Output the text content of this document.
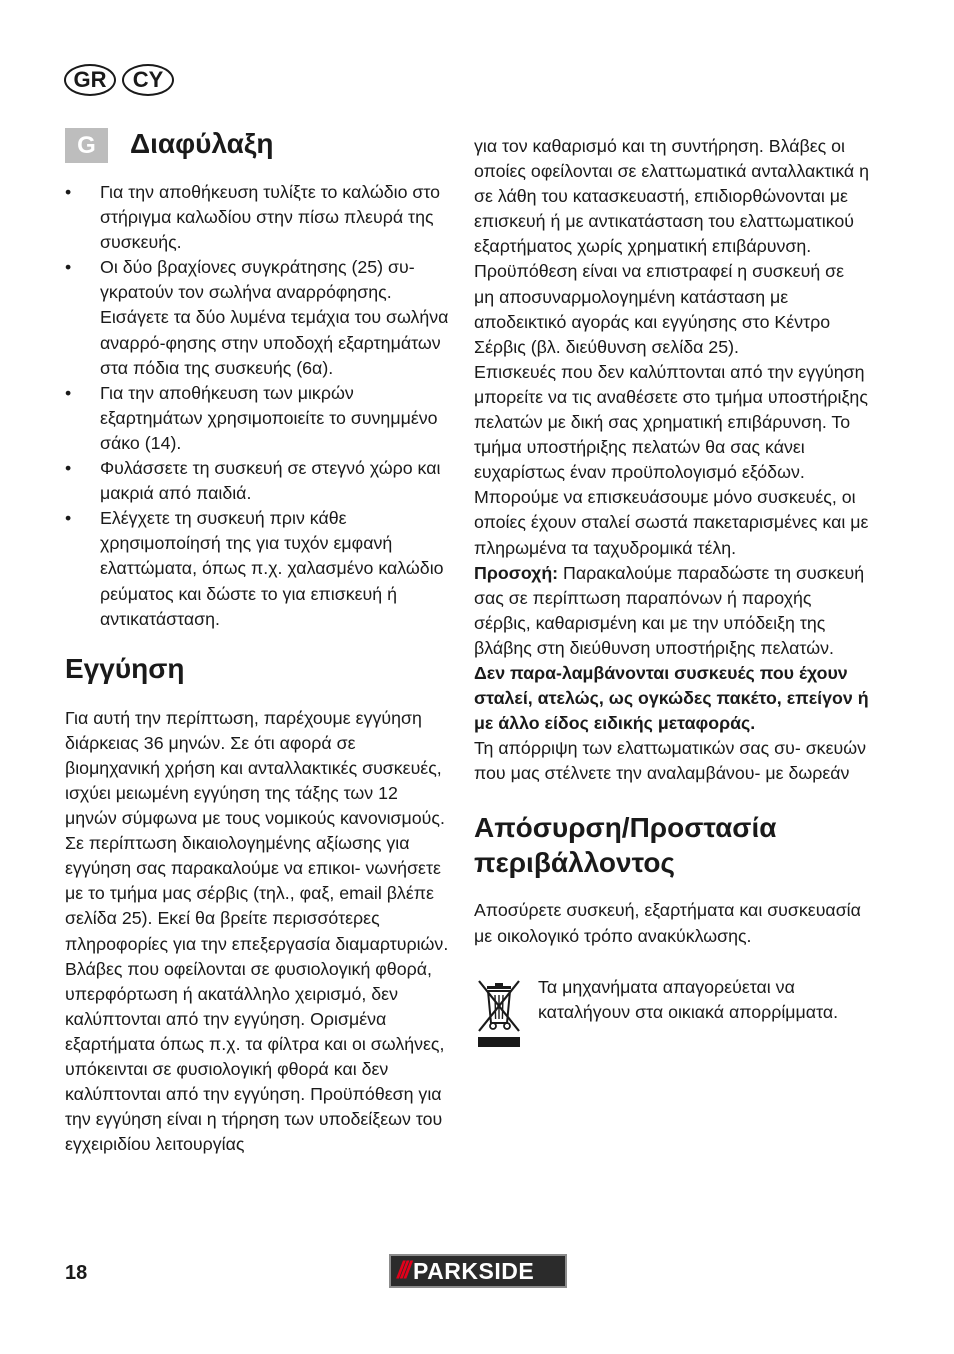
GR	CY
G	Διαφύλαξη
• Για την αποθήκευση τυλίξτε το καλώδιο στο στήριγμα καλωδίου στην πίσω πλευρά της συσκευής.
• Οι δύο βραχίονες συγκράτησης (25) συ- γκρατούν τον σωλήνα αναρρόφησης. Εισάγετε τα δύο λυμένα τεμάχια του σωλήνα αναρρό-φησης στην υποδοχή εξαρτημάτων στα πόδια της συσκευής (6α).
• Για την αποθήκευση των μικρών εξαρτημάτων χρησιμοποιείτε το συνημμένο σάκο (14).
• Φυλάσσετε τη συσκευή σε στεγνό χώρο και μακριά από παιδιά.
• Ελέγχετε τη συσκευή πριν κάθε χρησιμοποίησή της για τυχόν εμφανή ελαττώματα, όπως π.χ. χαλασμένο καλώδιο ρεύματος και δώστε το για επισκευή ή αντικατάσταση.
Εγγύηση

Για αυτή την περίπτωση, παρέχουμε εγγύηση διάρκειας 36 μηνών. Σε ότι αφορά σε βιομηχανική χρήση και ανταλλακτικές συσκευές, ισχύει μειωμένη εγγύηση της τάξης των 12 μηνών σύμφωνα με τους νομικούς κανονισμούς.

Σε περίπτωση δικαιολογημένης αξίωσης για εγγύηση σας παρακαλούμε να επικοι- νωνήσετε με το τμήμα μας σέρβις (τηλ., φαξ, email βλέπε σελίδα 25). Εκεί θα βρείτε περισσότερες πληροφορίες για την επεξεργασία διαμαρτυριών.

Βλάβες που οφείλονται σε φυσιολογική φθορά, υπερφόρτωση ή ακατάλληλο χειρισμό, δεν καλύπτονται από την εγγύηση. Ορισμένα εξαρτήματα όπως π.χ. τα φίλτρα και οι σωλήνες, υπόκεινται σε φυσιολογική φθορά και δεν καλύπτονται από την εγγύηση. Προϋπόθεση για την εγγύηση είναι η τήρηση των υποδείξεων του εγχειριδίου λειτουργίας

για τον καθαρισμό και τη συντήρηση. Βλάβες οι οποίες οφείλονται σε ελαττωματικά ανταλλακτικά η σε λάθη του κατασκευαστή, επιδιορθώνονται με επισκευή ή με αντικατάσταση του ελαττωματικού εξαρτήματος χωρίς χρηματική επιβάρυνση. Προϋπόθεση είναι να επιστραφεί η συσκευή σε μη αποσυναρμολογημένη κατάσταση με αποδεικτικό αγοράς και εγγύησης στο Κέντρο Σέρβις (βλ. διεύθυνση σελίδα 25).

Επισκευές που δεν καλύπτονται από την εγγύηση μπορείτε να τις αναθέσετε στο τμήμα υποστήριξης πελατών με δική σας χρηματική επιβάρυνση. Το τμήμα υποστήριξης πελατών θα σας κάνει ευχαρίστως έναν προϋπολογισμό εξόδων.

Μπορούμε να επισκευάσουμε μόνο συσκευές, οι οποίες έχουν σταλεί σωστά πακεταρισμένες και με πληρωμένα τα ταχυδρομικά τέλη.

Προσοχή: Παρακαλούμε παραδώστε τη συσκευή σας σε περίπτωση παραπόνων ή παροχής σέρβις, καθαρισμένη και με την υπόδειξη της βλάβης στη διεύθυνση υποστήριξης πελατών.

Δεν παρα-λαμβάνονται συσκευές που έχουν σταλεί, ατελώς, ως ογκώδες πακέτο, επείγον ή με άλλο είδος ειδικής μεταφοράς.

Τη απόρριψη των ελαττωματικών σας συ- σκευών που μας στέλνετε την αναλαμβάνου- με δωρεάν

Απόσυρση/Προστασία περιβάλλοντος

Αποσύρετε συσκευή, εξαρτήματα και συσκευασία με οικολογικό τρόπο ανακύκλωσης.

Τα μηχανήματα απαγορεύεται να καταλήγουν στα οικιακά απορρίμματα.

18	/// PARKSIDE
